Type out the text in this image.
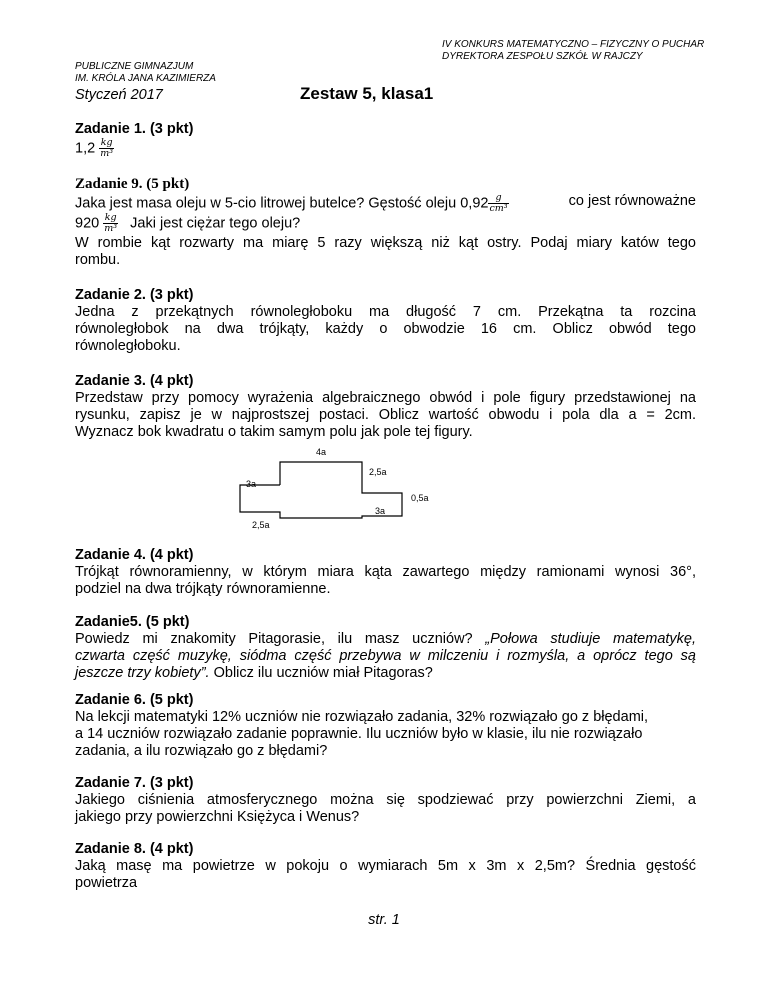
IV KONKURS MATEMATYCZNO – FIZYCZNY O PUCHAR
DYREKTORA ZESPOŁU SZKÓŁ W RAJCZY
PUBLICZNE GIMNAZJUM
IM. KRÓLA JANA KAZIMIERZA
Styczeń 2017	Zestaw 5, klasa1
Zadanie 1. (3 pkt)
$1,2 \frac{kg}{\text{m³}}$
Zadanie 9. (5 pkt)
Jaka jest masa oleju w 5-cio litrowej butelce? Gęstość oleju $0,92 \frac{g}{\text{cm³}}$	co jest równoważne
$920 \frac{kg}{\text{m³}}$ Jaki jest ciężar tego oleju?
W rombie kąt rozwarty ma miarę 5 razy większą niż kąt ostry. Podaj miary katów tego
rombu.
Zadanie 2. (3 pkt)
Jedna z przekątnych równoległoboku ma długość 7 cm. Przekątna ta rozcina
równoległobok na dwa trójkąty, każdy o obwodzie 16 cm. Oblicz obwód tego
równoległoboku.
Zadanie 3. (4 pkt)
Przedstaw przy pomocy wyrażenia algebraicznego obwód i pole figury przedstawionej na
rysunku, zapisz je w najprostszej postaci. Oblicz wartość obwodu i pola dla a = 2cm.
Wyznacz bok kwadratu o takim samym polu jak pole tej figury.
4a
2,5a
3a
0,5a
3a
2,5a
Zadanie 4. (4 pkt)
Trójkąt równoramienny, w którym miara kąta zawartego między ramionami wynosi 36°,
podziel na dwa trójkąty równoramienne.
Zadanie5. (5 pkt)
Powiedz mi znakomity Pitagorasie, ilu masz uczniów? „Połowa studiuje matematykę,
czwarta część muzykę, siódma część przebywa w milczeniu i rozmyśla, a oprócz tego są
jeszcze trzy kobiety”. Oblicz ilu uczniów miał Pitagoras?
Zadanie 6. (5 pkt)
Na lekcji matematyki 12% uczniów nie rozwiązało zadania, 32% rozwiązało go z błędami,
a 14 uczniów rozwiązało zadanie poprawnie. Ilu uczniów było w klasie, ilu nie rozwiązało
zadania, a ilu rozwiązało go z błędami?
Zadanie 7. (3 pkt)
Jakiego ciśnienia atmosferycznego można się spodziewać przy powierzchni Ziemi, a
jakiego przy powierzchni Księżyca i Wenus?
Zadanie 8. (4 pkt)
Jaką masę ma powietrze w pokoju o wymiarach 5m x 3m x 2,5m? Średnia gęstość
powietrza
str. 1
